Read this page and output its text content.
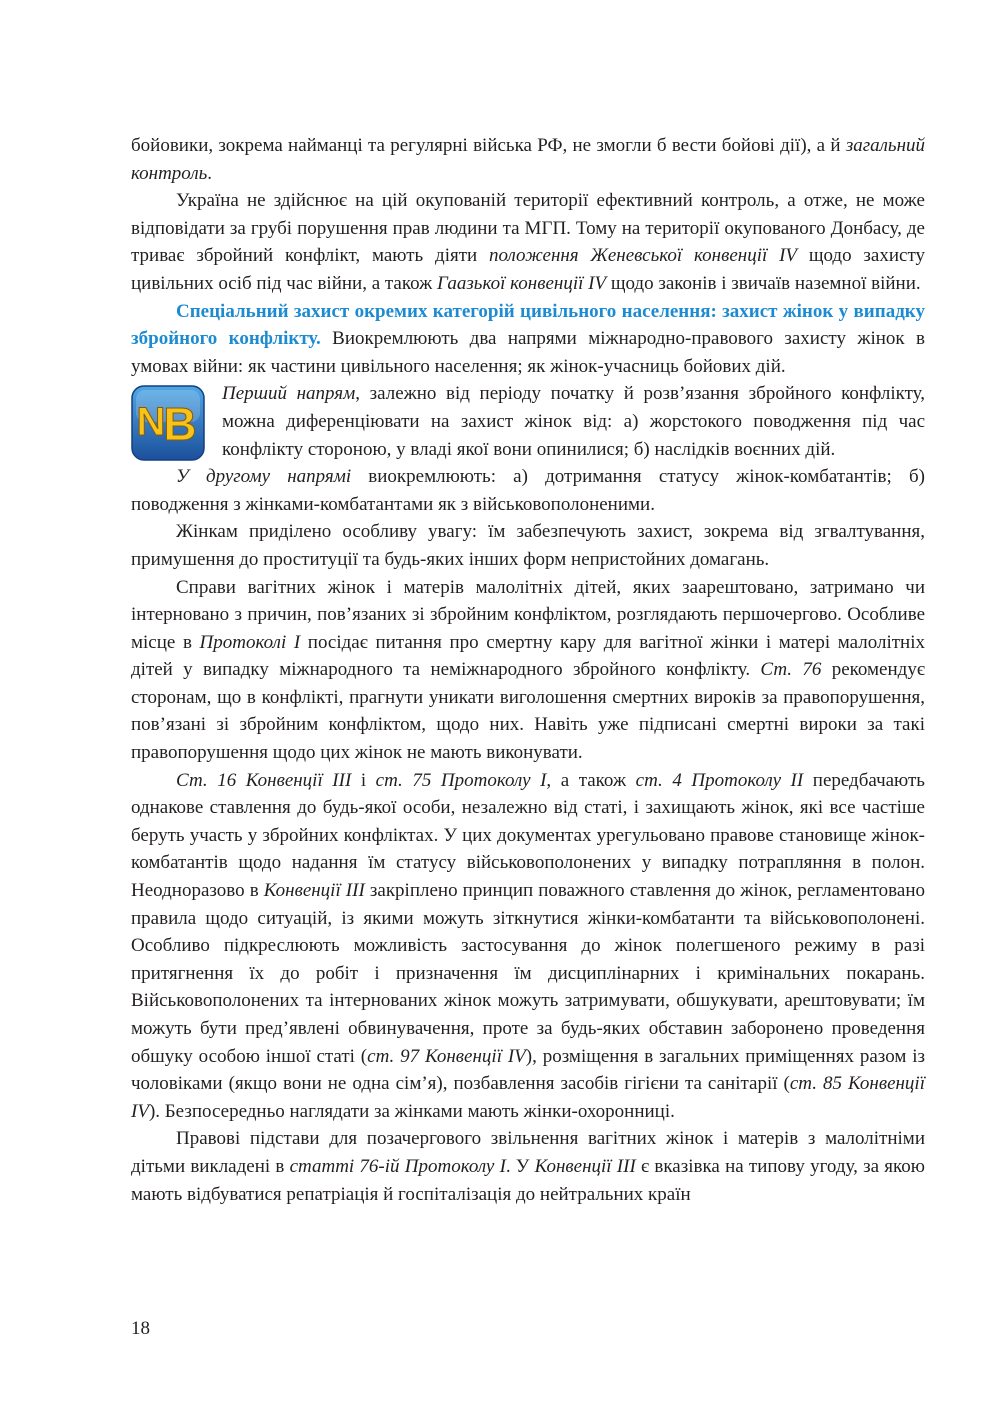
бойовики, зокрема найманці та регулярні війська РФ, не змогли б вести бойові дії), а й загальний контроль.

Україна не здійснює на цій окупованій території ефективний контроль, а отже, не може відповідати за грубі порушення прав людини та МГП. Тому на території окупованого Донбасу, де триває збройний конфлікт, мають діяти положення Женевської конвенції IV щодо захисту цивільних осіб під час війни, а також Гаазької конвенції IV щодо законів і звичаїв наземної війни.

Спеціальний захист окремих категорій цивільного населення: захист жінок у випадку збройного конфлікту. Виокремлюють два напрями міжнародно-правового захисту жінок в умовах війни: як частини цивільного населення; як жінок-учасниць бойових дій.

N
B

Перший напрям, залежно від періоду початку й розв’язання збройного конфлікту, можна диференціювати на захист жінок від: а) жорстокого поводження під час конфлікту стороною, у владі якої вони опинилися; б) наслідків воєнних дій.

У другому напрямі виокремлюють: а) дотримання статусу жінок-комбатантів; б) поводження з жінками-комбатантами як з військовополоненими.

Жінкам приділено особливу увагу: їм забезпечують захист, зокрема від згвалтування, примушення до проституції та будь-яких інших форм непристойних домагань.

Справи вагітних жінок і матерів малолітніх дітей, яких заарештовано, затримано чи інтерновано з причин, пов’язаних зі збройним конфліктом, розглядають першочергово. Особливе місце в Протоколі I посідає питання про смертну кару для вагітної жінки і матері малолітніх дітей у випадку міжнародного та неміжнародного збройного конфлікту. Ст. 76 рекомендує сторонам, що в конфлікті, прагнути уникати виголошення смертних вироків за правопорушення, пов’язані зі збройним конфліктом, щодо них. Навіть уже підписані смертні вироки за такі правопорушення щодо цих жінок не мають виконувати.

Ст. 16 Конвенції III і ст. 75 Протоколу I, а також ст. 4 Протоколу II передбачають однакове ставлення до будь-якої особи, незалежно від статі, і захищають жінок, які все частіше беруть участь у збройних конфліктах. У цих документах урегульовано правове становище жінок-комбатантів щодо надання їм статусу військовополонених у випадку потрапляння в полон. Неодноразово в Конвенції III закріплено принцип поважного ставлення до жінок, регламентовано правила щодо ситуацій, із якими можуть зіткнутися жінки-комбатанти та військовополонені. Особливо підкреслюють можливість застосування до жінок полегшеного режиму в разі притягнення їх до робіт і призначення їм дисциплінарних і кримінальних покарань. Військовополонених та інтернованих жінок можуть затримувати, обшукувати, арештовувати; їм можуть бути пред’явлені обвинувачення, проте за будь-яких обставин заборонено проведення обшуку особою іншої статі (ст. 97 Конвенції IV), розміщення в загальних приміщеннях разом із чоловіками (якщо вони не одна сім’я), позбавлення засобів гігієни та санітарії (ст. 85 Конвенції IV). Безпосередньо наглядати за жінками мають жінки-охоронниці.

Правові підстави для позачергового звільнення вагітних жінок і матерів з малолітніми дітьми викладені в статті 76-ій Протоколу I. У Конвенції III є вказівка на типову угоду, за якою мають відбуватися репатріація й госпіталізація до нейтральних країн

18
